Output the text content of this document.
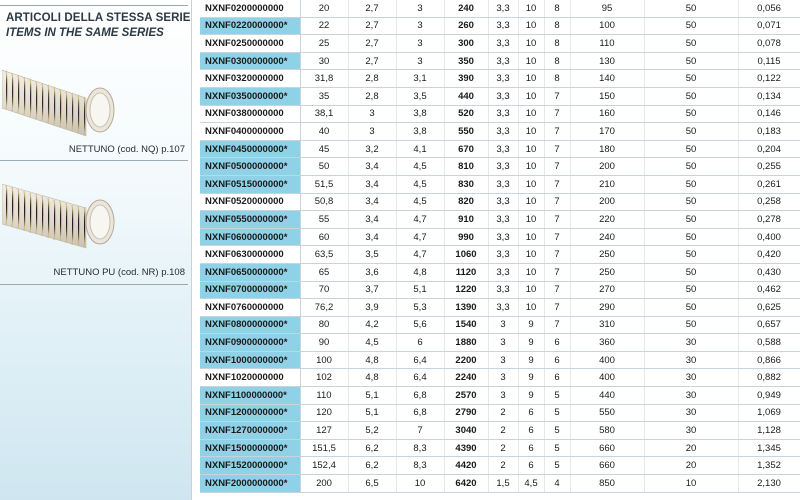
ARTICOLI DELLA STESSA SERIE
ITEMS IN THE SAME SERIES
NETTUNO (cod. NQ) p.107
NETTUNO PU (cod. NR) p.108
NXNF0200000000	20	2,7	3	240	3,3	10	8	95	50	0,056
NXNF0220000000*	22	2,7	3	260	3,3	10	8	100	50	0,071
NXNF0250000000	25	2,7	3	300	3,3	10	8	110	50	0,078
NXNF0300000000*	30	2,7	3	350	3,3	10	8	130	50	0,115
NXNF0320000000	31,8	2,8	3,1	390	3,3	10	8	140	50	0,122
NXNF0350000000*	35	2,8	3,5	440	3,3	10	7	150	50	0,134
NXNF0380000000	38,1	3	3,8	520	3,3	10	7	160	50	0,146
NXNF0400000000	40	3	3,8	550	3,3	10	7	170	50	0,183
NXNF0450000000*	45	3,2	4,1	670	3,3	10	7	180	50	0,204
NXNF0500000000*	50	3,4	4,5	810	3,3	10	7	200	50	0,255
NXNF0515000000*	51,5	3,4	4,5	830	3,3	10	7	210	50	0,261
NXNF0520000000	50,8	3,4	4,5	820	3,3	10	7	200	50	0,258
NXNF0550000000*	55	3,4	4,7	910	3,3	10	7	220	50	0,278
NXNF0600000000*	60	3,4	4,7	990	3,3	10	7	240	50	0,400
NXNF0630000000	63,5	3,5	4,7	1060	3,3	10	7	250	50	0,420
NXNF0650000000*	65	3,6	4,8	1120	3,3	10	7	250	50	0,430
NXNF0700000000*	70	3,7	5,1	1220	3,3	10	7	270	50	0,462
NXNF0760000000	76,2	3,9	5,3	1390	3,3	10	7	290	50	0,625
NXNF0800000000*	80	4,2	5,6	1540	3	9	7	310	50	0,657
NXNF0900000000*	90	4,5	6	1880	3	9	6	360	30	0,588
NXNF1000000000*	100	4,8	6,4	2200	3	9	6	400	30	0,866
NXNF1020000000	102	4,8	6,4	2240	3	9	6	400	30	0,882
NXNF1100000000*	110	5,1	6,8	2570	3	9	5	440	30	0,949
NXNF1200000000*	120	5,1	6,8	2790	2	6	5	550	30	1,069
NXNF1270000000*	127	5,2	7	3040	2	6	5	580	30	1,128
NXNF1500000000*	151,5	6,2	8,3	4390	2	6	5	660	20	1,345
NXNF1520000000*	152,4	6,2	8,3	4420	2	6	5	660	20	1,352
NXNF2000000000*	200	6,5	10	6420	1,5	4,5	4	850	10	2,130
